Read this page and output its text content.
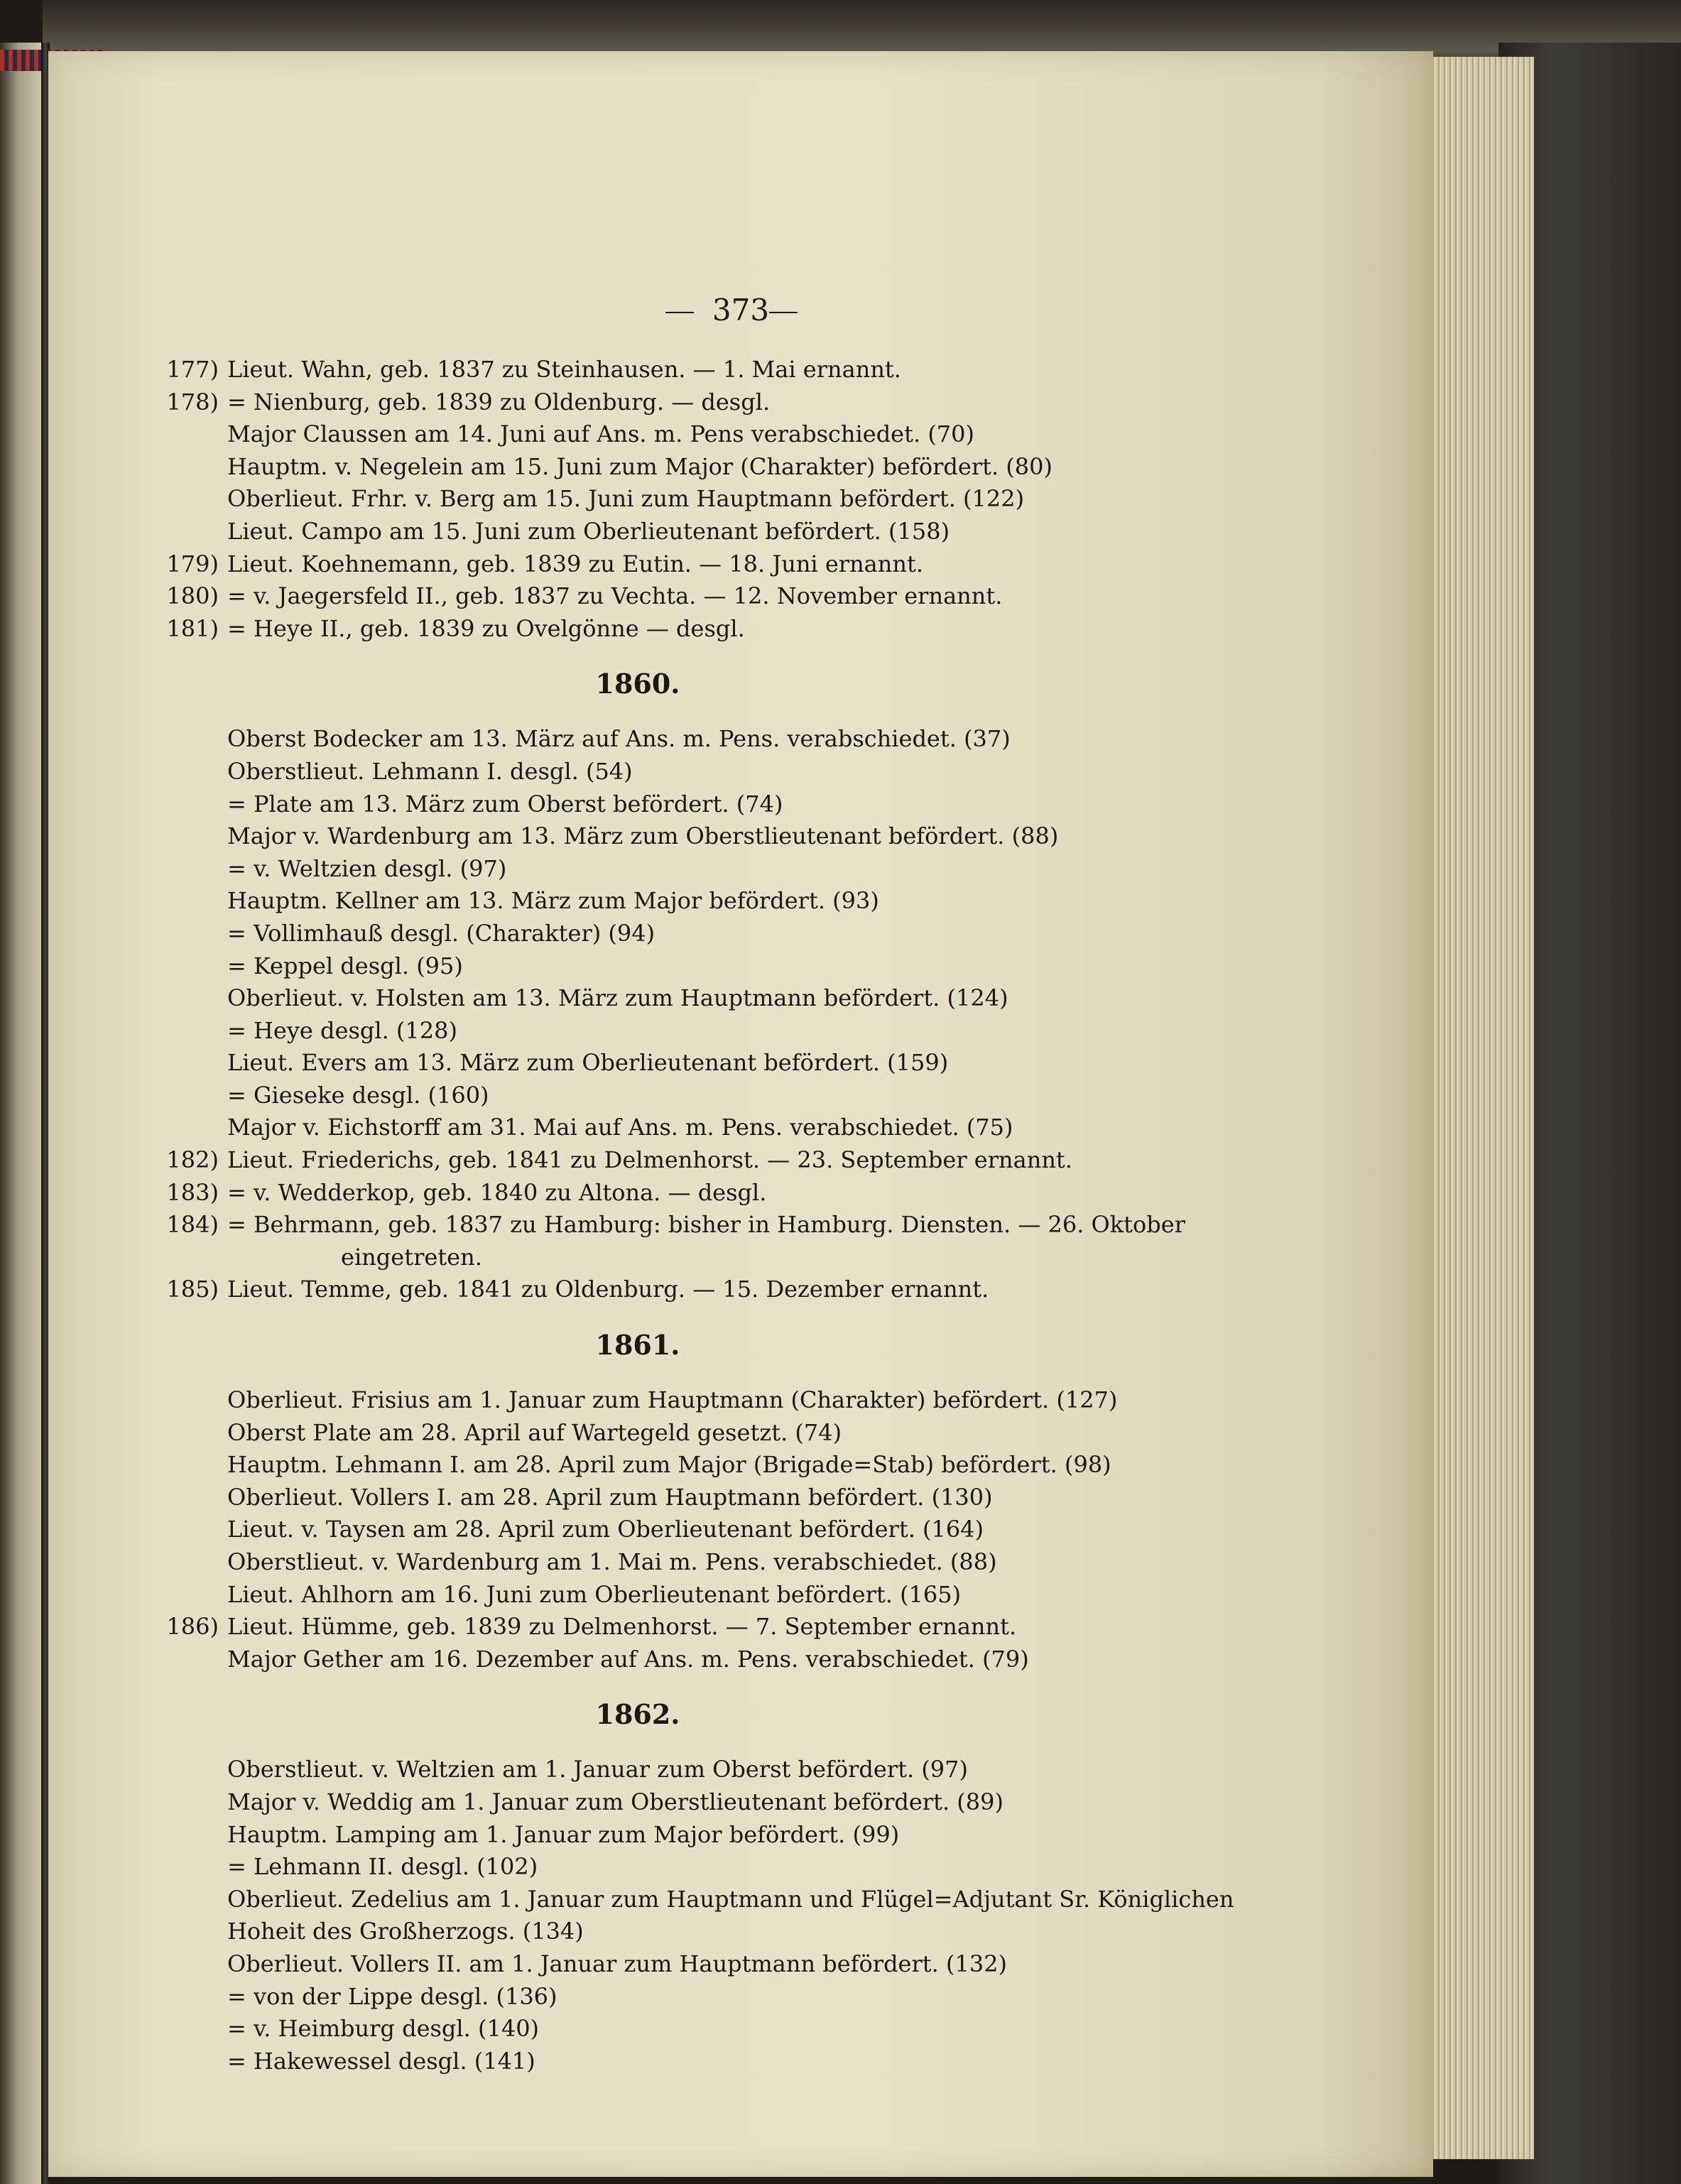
373
177) Lieut. Wahn, geb. 1837 zu Steinhausen. — 1. Mai ernannt.
178) = Nienburg, geb. 1839 zu Oldenburg. — desgl.
Major Claussen am 14. Juni auf Ans. m. Pens verabschiedet. (70)
Hauptm. v. Negelein am 15. Juni zum Major (Charakter) befördert. (80)
Oberlieut. Frhr. v. Berg am 15. Juni zum Hauptmann befördert. (122)
Lieut. Campo am 15. Juni zum Oberlieutenant befördert. (158)
179) Lieut. Koehnemann, geb. 1839 zu Eutin. — 18. Juni ernannt.
180) = v. Jaegersfeld II., geb. 1837 zu Vechta. — 12. November ernannt.
181) = Heye II., geb. 1839 zu Ovelgönne — desgl.
1860.
Oberst Bodecker am 13. März auf Ans. m. Pens. verabschiedet. (37)
Oberstlieut. Lehmann I. desgl. (54)
= Plate am 13. März zum Oberst befördert. (74)
Major v. Wardenburg am 13. März zum Oberstlieutenant befördert. (88)
= v. Weltzien desgl. (97)
Hauptm. Kellner am 13. März zum Major befördert. (93)
= Vollimhauß desgl. (Charakter) (94)
= Keppel desgl. (95)
Oberlieut. v. Holsten am 13. März zum Hauptmann befördert. (124)
= Heye desgl. (128)
Lieut. Evers am 13. März zum Oberlieutenant befördert. (159)
= Gieseke desgl. (160)
Major v. Eichstorff am 31. Mai auf Ans. m. Pens. verabschiedet. (75)
182) Lieut. Friederichs, geb. 1841 zu Delmenhorst. — 23. September ernannt.
183) = v. Wedderkop, geb. 1840 zu Altona. — desgl.
184) = Behrmann, geb. 1837 zu Hamburg: bisher in Hamburg. Diensten. — 26. Oktober
eingetreten.
185) Lieut. Temme, geb. 1841 zu Oldenburg. — 15. Dezember ernannt.
1861.
Oberlieut. Frisius am 1. Januar zum Hauptmann (Charakter) befördert. (127)
Oberst Plate am 28. April auf Wartegeld gesetzt. (74)
Hauptm. Lehmann I. am 28. April zum Major (Brigade=Stab) befördert. (98)
Oberlieut. Vollers I. am 28. April zum Hauptmann befördert. (130)
Lieut. v. Taysen am 28. April zum Oberlieutenant befördert. (164)
Oberstlieut. v. Wardenburg am 1. Mai m. Pens. verabschiedet. (88)
Lieut. Ahlhorn am 16. Juni zum Oberlieutenant befördert. (165)
186) Lieut. Hümme, geb. 1839 zu Delmenhorst. — 7. September ernannt.
Major Gether am 16. Dezember auf Ans. m. Pens. verabschiedet. (79)
1862.
Oberstlieut. v. Weltzien am 1. Januar zum Oberst befördert. (97)
Major v. Weddig am 1. Januar zum Oberstlieutenant befördert. (89)
Hauptm. Lamping am 1. Januar zum Major befördert. (99)
= Lehmann II. desgl. (102)
Oberlieut. Zedelius am 1. Januar zum Hauptmann und Flügel=Adjutant Sr. Königlichen
Hoheit des Großherzogs. (134)
Oberlieut. Vollers II. am 1. Januar zum Hauptmann befördert. (132)
= von der Lippe desgl. (136)
= v. Heimburg desgl. (140)
= Hakewessel desgl. (141)
